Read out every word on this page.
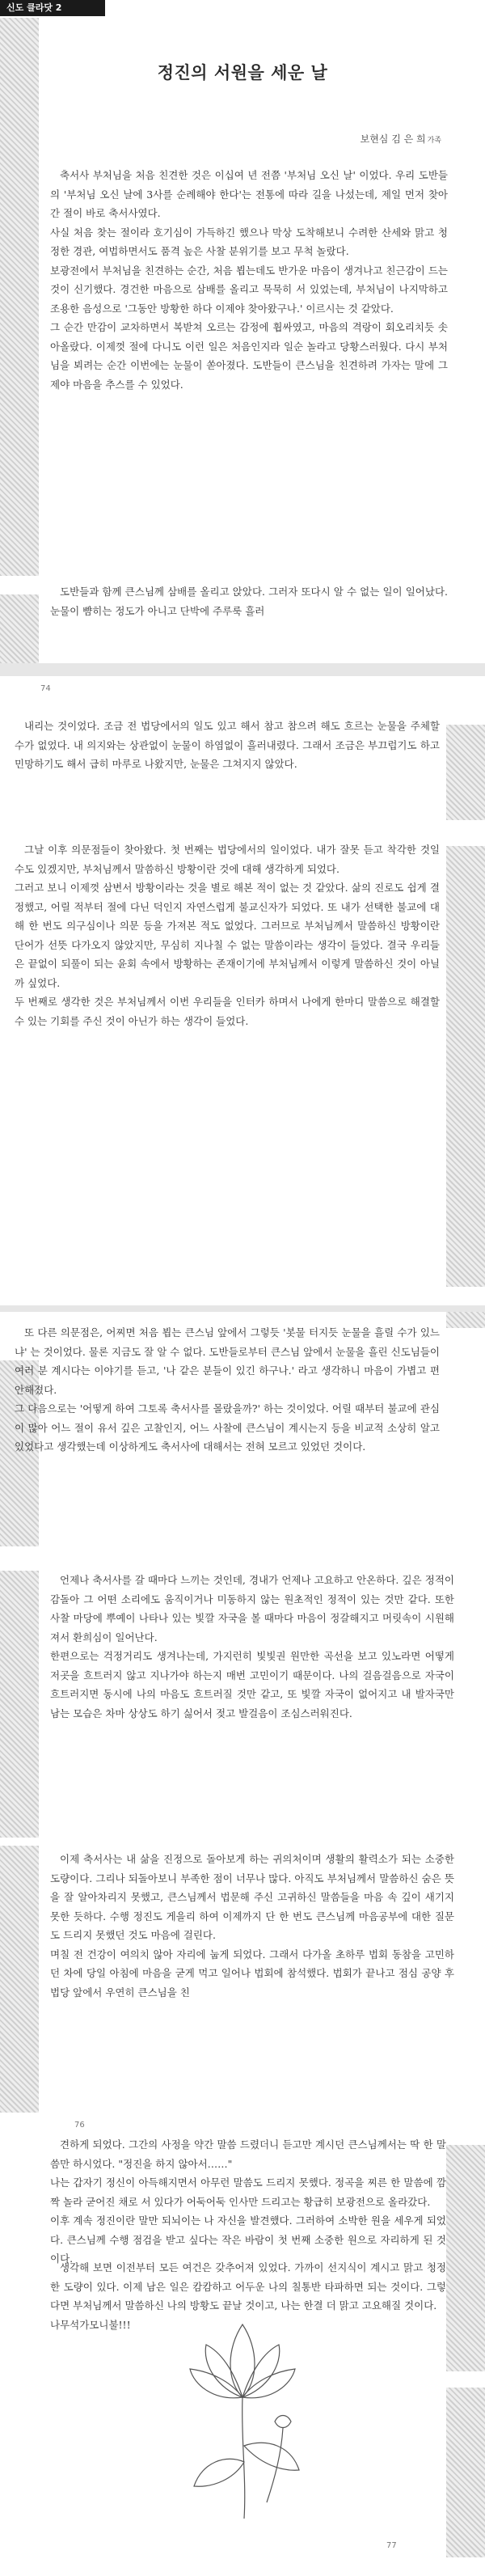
신도 클라닷 2
정진의 서원을 세운 날
보현심 김 은 희 가족

축서사 부처님을 처음 친견한 것은 이십여 년 전쯤 '부처님 오신 날' 이었다. 우리 도반들의 '부처님 오신 날에 3사를 순례해야 한다'는 전통에 따라 길을 나섰는데, 제일 먼저 찾아간 절이 바로 축서사였다.
사실 처음 찾는 절이라 호기심이 가득하긴 했으나 막상 도착해보니 수려한 산세와 맑고 청정한 경관, 여법하면서도 품격 높은 사찰 분위기를 보고 무척 놀랐다.
보광전에서 부처님을 친견하는 순간, 처음 뵙는데도 반가운 마음이 생겨나고 친근감이 드는 것이 신기했다. 경건한 마음으로 삼배를 올리고 묵묵히 서 있었는데, 부처님이 나지막하고 조용한 음성으로 '그동안 방황한 하다 이제야 찾아왔구나.' 이르시는 것 같았다.
그 순간 만감이 교차하면서 복받쳐 오르는 감정에 휩싸였고, 마음의 격랑이 회오리치듯 솟아올랐다. 이제껏 절에 다니도 이런 일은 처음인지라 일순 놀라고 당황스러웠다. 다시 부처님을 뵈려는 순간 이번에는 눈물이 쏟아졌다. 도반들이 큰스님을 친견하려 가자는 말에 그제야 마음을 추스를 수 있었다.

도반들과 함께 큰스님께 삼배를 올리고 앉았다. 그러자 또다시 알 수 없는 일이 일어났다. 눈물이 뺨히는 정도가 아니고 단박에 주루룩 흘러

74

내리는 것이었다. 조금 전 법당에서의 일도 있고 해서 참고 참으려 해도 흐르는 눈물을 주체할 수가 없었다. 내 의지와는 상관없이 눈물이 하염없이 흘러내렸다. 그래서 조금은 부끄럽기도 하고 민망하기도 해서 급히 마루로 나왔지만, 눈물은 그쳐지지 않았다.

그날 이후 의문점들이 찾아왔다. 첫 번째는 법당에서의 일이었다. 내가 잘못 듣고 착각한 것일 수도 있겠지만, 부처님께서 말씀하신 방황이란 것에 대해 생각하게 되었다.
그러고 보니 이제껏 삼변서 방황이라는 것을 별로 해본 적이 없는 것 같았다. 삶의 진로도 쉽게 결정했고, 어릴 적부터 절에 다닌 덕인지 자연스럽게 불교신자가 되었다. 또 내가 선택한 불교에 대해 한 번도 의구심이나 의문 등을 가져본 적도 없었다. 그러므로 부처님께서 말씀하신 방황이란 단어가 선뜻 다가오지 않았지만, 무심히 지나칠 수 없는 말씀이라는 생각이 들었다. 결국 우리들은 끝없이 되풀이 되는 윤회 속에서 방황하는 존재이기에 부처님께서 이렇게 말씀하신 것이 아닐까 싶었다.
두 번째로 생각한 것은 부처님께서 이번 우리들을 인터카 하며서 나에게 한마디 말씀으로 해결할 수 있는 기회를 주신 것이 아닌가 하는 생각이 들었다.

또 다른 의문점은, 어찌면 처음 뵙는 큰스님 앞에서 그렇듯 '봇물 터지듯 눈물을 흘릴 수가 있느냐' 는 것이었다. 물론 지금도 잘 알 수 없다. 도반들로부터 큰스님 앞에서 눈물을 흘린 신도님들이 여러 분 계시다는 이야기를 듣고, '나 같은 분들이 있긴 하구나.' 라고 생각하니 마음이 가볍고 편안해졌다.
그 다음으로는 '어떻게 하여 그토록 축서사를 몰랐을까?' 하는 것이었다. 어릴 때부터 불교에 관심이 많아 어느 절이 유서 깊은 고찰인지, 어느 사찰에 큰스님이 계시는지 등을 비교적 소상히 알고 있었다고 생각했는데 이상하게도 축서사에 대해서는 전혀 모르고 있었던 것이다.

언제나 축서사를 갈 때마다 느끼는 것인데, 경내가 언제나 고요하고 안온하다. 깊은 정적이 감돌아 그 어떤 소리에도 움직이거나 미동하지 않는 원초적인 정적이 있는 것만 같다. 또한 사찰 마당에 뿌예이 나타나 있는 빛깔 자국을 볼 때마다 마음이 정갈해지고 머릿속이 시원해져서 환희심이 일어난다.
한편으로는 걱정거리도 생겨나는데, 가지런히 빛빛권 원만한 곡선을 보고 있노라면 어떻게 저곳을 흐트러지 않고 지나가야 하는지 매번 고민이기 때문이다. 나의 걸음걸음으로 자국이 흐트러지면 동시에 나의 마음도 흐트러질 것만 같고, 또 빛깔 자국이 없어지고 내 발자국만 남는 모습은 차마 상상도 하기 싫어서 젖고 발걸음이 조심스러워진다.

이제 축서사는 내 삶을 진정으로 돌아보게 하는 귀의처이며 생활의 활력소가 되는 소중한 도량이다. 그리나 되돌아보니 부족한 점이 너무나 많다. 아직도 부처님께서 말씀하신 숨은 뜻을 잘 알아차리지 못했고, 큰스님께서 법문해 주신 고귀하신 말씀들을 마음 속 깊이 새기지 못한 듯하다. 수행 정진도 게을리 하여 이제까지 단 한 번도 큰스님께 마음공부에 대한 질문도 드리지 못했던 것도 마음에 걸린다.
며칠 전 건강이 여의치 않아 자리에 눕게 되었다. 그래서 다가올 초하루 법회 동참을 고민하던 차에 당일 아침에 마음을 굳게 먹고 일어나 법회에 참석했다. 법회가 끝나고 점심 공양 후 법당 앞에서 우연히 큰스님을 친

76

견하게 되었다. 그간의 사정을 약간 말씀 드렸더니 듣고만 계시던 큰스님께서는 딱 한 말씀만 하시었다. "정진을 하지 않아서……"
나는 갑자기 정신이 아득해지면서 아무런 말씀도 드리지 못했다. 정곡을 찌른 한 말씀에 깜짝 놀라 굳어진 채로 서 있다가 어둑어둑 인사만 드리고는 황급히 보광전으로 올라갔다.
이후 계속 정진이란 말만 되뇌이는 나 자신을 발견했다. 그러하여 소박한 원을 세우게 되었다. 큰스님께 수행 점검을 받고 싶다는 작은 바람이 첫 번째 소중한 원으로 자리하게 된 것이다.

생각해 보면 이전부터 모든 여건은 갖추어져 있었다. 가까이 선지식이 계시고 맑고 청정한 도량이 있다. 이제 남은 일은 캄캄하고 어두운 나의 칠통반 타파하면 되는 것이다. 그렇다면 부처님께서 말씀하신 나의 방황도 끝날 것이고, 나는 한결 더 맑고 고요해질 것이다.
나무석가모니불!!!

77
